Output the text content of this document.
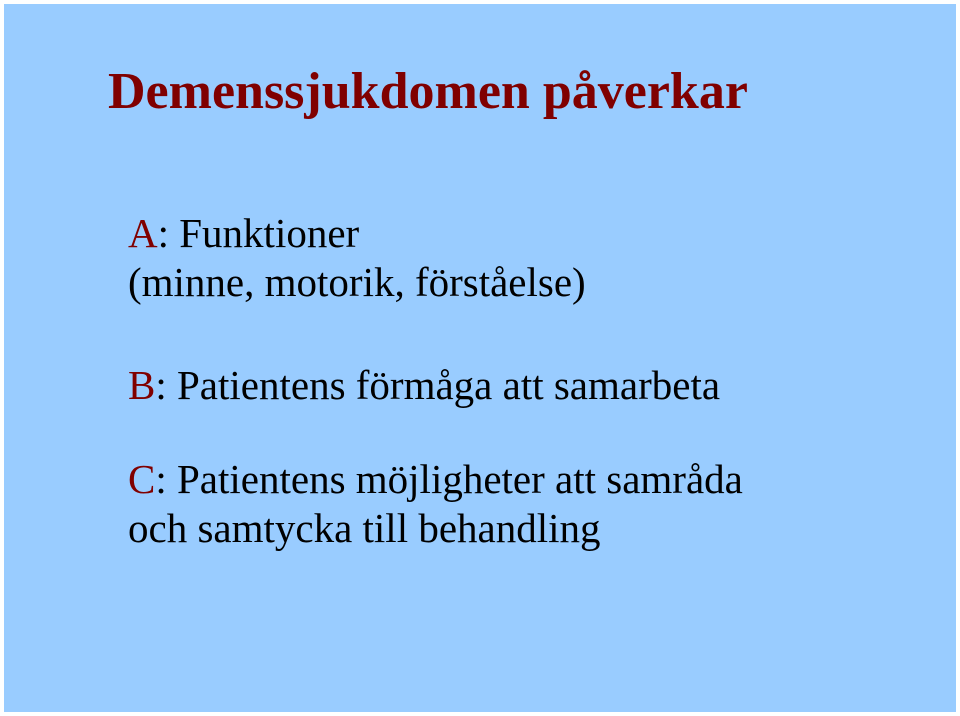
Demenssjukdomen påverkar

A: Funktioner
(minne, motorik, förståelse)

B: Patientens förmåga att samarbeta

C: Patientens möjligheter att samråda
och samtycka till behandling
